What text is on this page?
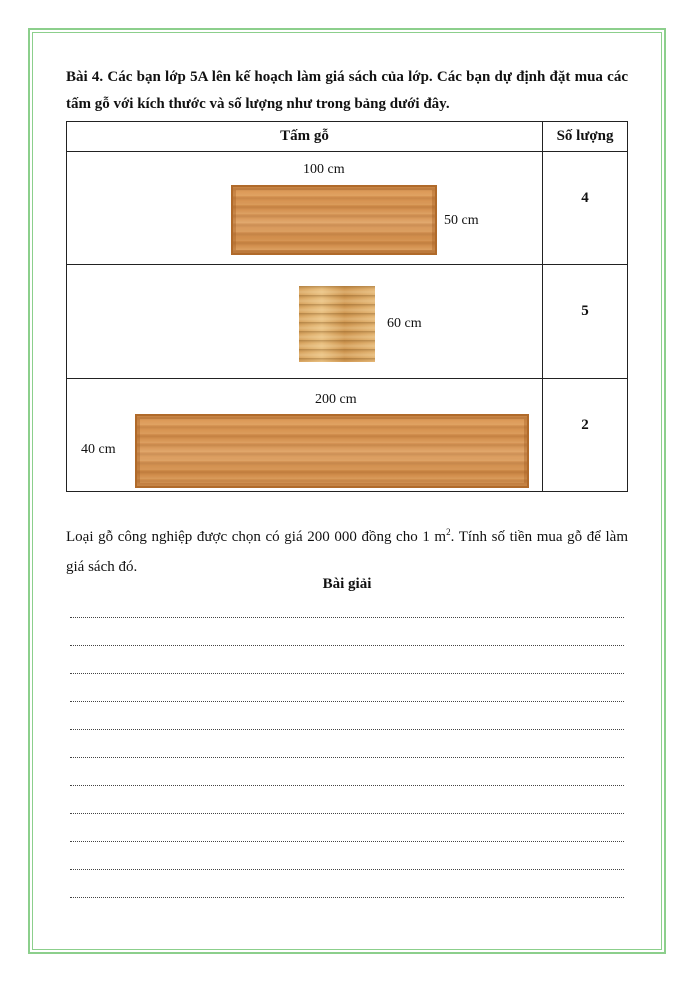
Bài 4. Các bạn lớp 5A lên kế hoạch làm giá sách của lớp. Các bạn dự định đặt mua các tấm gỗ với kích thước và số lượng như trong bảng dưới đây.
Tấm gỗ	Số lượng

100 cm
50 cm	4

60 cm	5

200 cm
40 cm	2
Loại gỗ công nghiệp được chọn có giá 200 000 đồng cho 1 $m^2$. Tính số tiền mua gỗ để làm giá sách đó.
Bài giải
